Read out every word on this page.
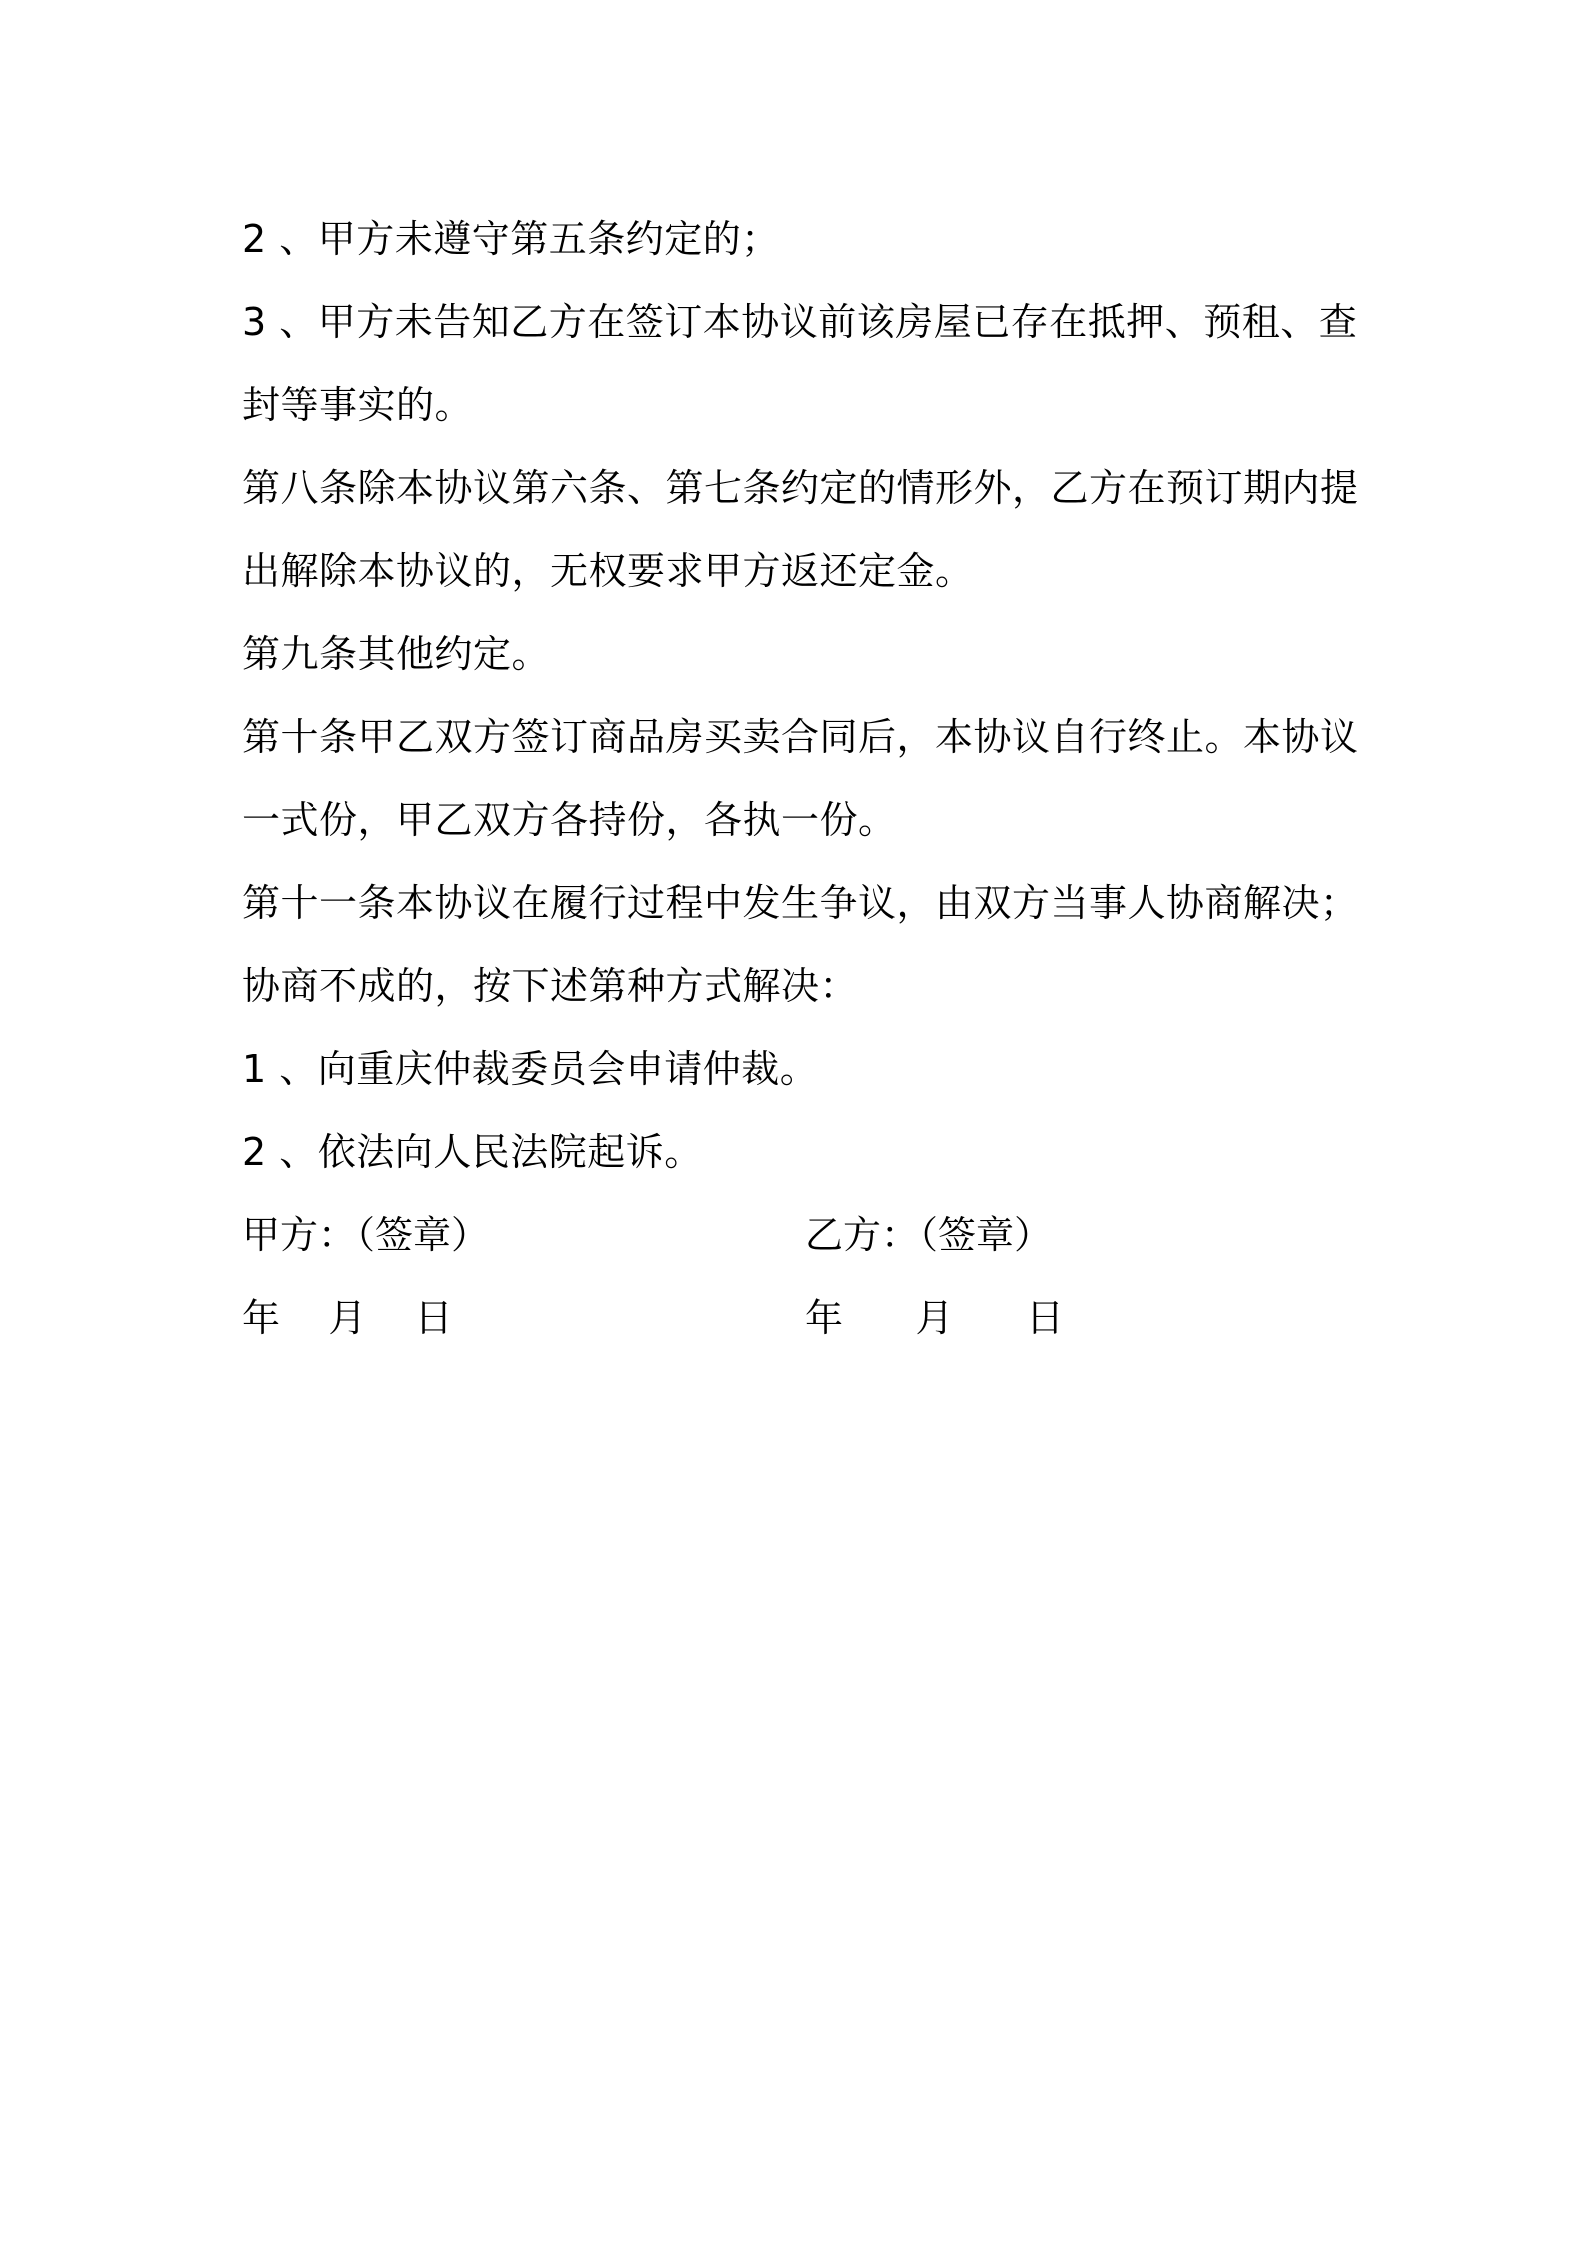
2 、甲方未遵守第五条约定的；

3 、甲方未告知乙方在签订本协议前该房屋已存在抵押、预租、查封等事实的。

第八条除本协议第六条、第七条约定的情形外，乙方在预订期内提出解除本协议的，无权要求甲方返还定金。

第九条其他约定。

第十条甲乙双方签订商品房买卖合同后，本协议自行终止。本协议一式份，甲乙双方各持份，各执一份。

第十一条本协议在履行过程中发生争议，由双方当事人协商解决；协商不成的，按下述第种方式解决：

1 、向重庆仲裁委员会申请仲裁。

2 、依法向人民法院起诉。

甲方：（签章）	乙方：（签章）
年    月    日	年      月      日
